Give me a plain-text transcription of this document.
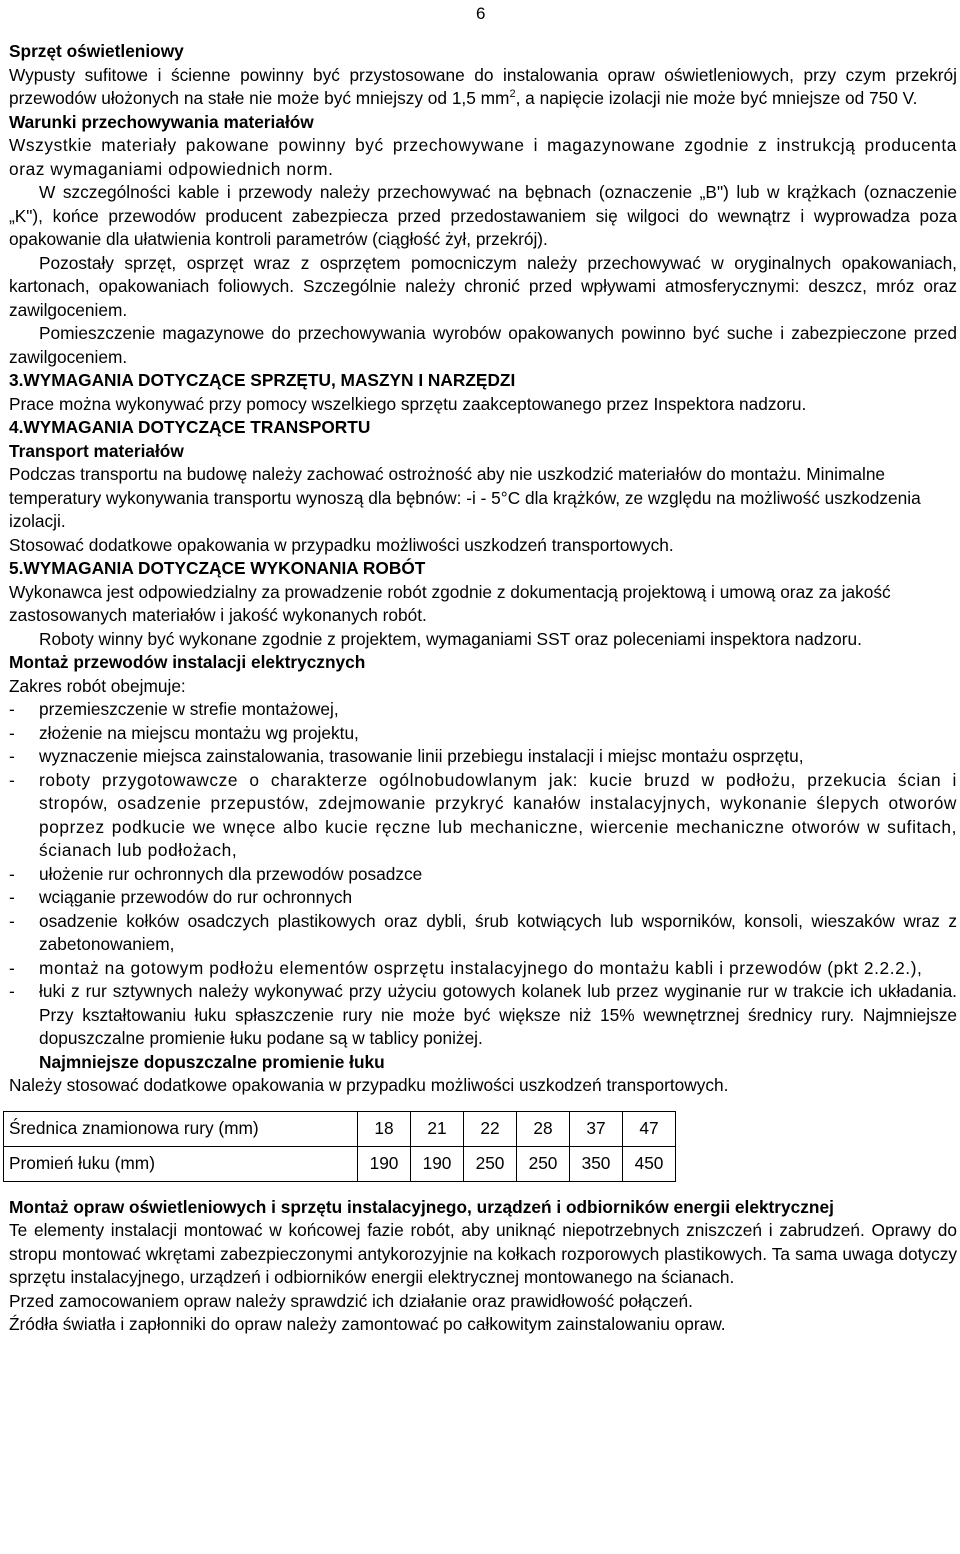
6

Sprzęt oświetleniowy

Wypusty sufitowe i ścienne powinny być przystosowane do instalowania opraw oświetleniowych, przy czym przekrój przewodów ułożonych na stałe nie może być mniejszy od 1,5 $mm^2$, a napięcie izolacji nie może być mniejsze od 750 V.

Warunki przechowywania materiałów

Wszystkie materiały pakowane powinny być przechowywane i magazynowane zgodnie z instrukcją producenta oraz wymaganiami odpowiednich norm.

W szczególności kable i przewody należy przechowywać na bębnach (oznaczenie „B") lub w krążkach (oznaczenie „K"), końce przewodów producent zabezpiecza przed przedostawaniem się wilgoci do wewnątrz i wyprowadza poza opakowanie dla ułatwienia kontroli parametrów (ciągłość żył, przekrój).

Pozostały sprzęt, osprzęt wraz z osprzętem pomocniczym należy przechowywać w oryginalnych opakowaniach, kartonach, opakowaniach foliowych. Szczególnie należy chronić przed wpływami atmosferycznymi: deszcz, mróz oraz zawilgoceniem.

Pomieszczenie magazynowe do przechowywania wyrobów opakowanych powinno być suche i zabezpieczone przed zawilgoceniem.

3.WYMAGANIA DOTYCZĄCE SPRZĘTU, MASZYN I NARZĘDZI

Prace można wykonywać przy pomocy wszelkiego sprzętu zaakceptowanego przez Inspektora nadzoru.

4.WYMAGANIA DOTYCZĄCE TRANSPORTU

Transport materiałów

Podczas transportu na budowę należy zachować ostrożność aby nie uszkodzić materiałów do montażu. Minimalne temperatury wykonywania transportu wynoszą dla bębnów: -i - 5°C dla krążków, ze względu na możliwość uszkodzenia izolacji.

Stosować dodatkowe opakowania w przypadku możliwości uszkodzeń transportowych.

5.WYMAGANIA DOTYCZĄCE WYKONANIA ROBÓT

Wykonawca jest odpowiedzialny za prowadzenie robót zgodnie z dokumentacją projektową i umową oraz za jakość zastosowanych materiałów i jakość wykonanych robót.

Roboty winny być wykonane zgodnie z projektem, wymaganiami SST oraz poleceniami inspektora nadzoru.

Montaż przewodów instalacji elektrycznych

Zakres robót obejmuje:

- przemieszczenie w strefie montażowej,
- złożenie na miejscu montażu wg projektu,
- wyznaczenie miejsca zainstalowania, trasowanie linii przebiegu instalacji i miejsc montażu osprzętu,
- roboty przygotowawcze o charakterze ogólnobudowlanym jak: kucie bruzd w podłożu, przekucia ścian i stropów, osadzenie przepustów, zdejmowanie przykryć kanałów instalacyjnych, wykonanie ślepych otworów poprzez podkucie we wnęce albo kucie ręczne lub mechaniczne, wiercenie mechaniczne otworów w sufitach, ścianach lub podłożach,
- ułożenie rur ochronnych dla przewodów posadzce
- wciąganie przewodów do rur ochronnych
- osadzenie kołków osadczych plastikowych oraz dybli, śrub kotwiących lub wsporników, konsoli, wieszaków wraz z zabetonowaniem,
- montaż na gotowym podłożu elementów osprzętu instalacyjnego do montażu kabli i przewodów (pkt 2.2.2.),
- łuki z rur sztywnych należy wykonywać przy użyciu gotowych kolanek lub przez wyginanie rur w trakcie ich układania. Przy kształtowaniu łuku spłaszczenie rury nie może być większe niż 15% wewnętrznej średnicy rury. Najmniejsze dopuszczalne promienie łuku podane są w tablicy poniżej.

Najmniejsze dopuszczalne promienie łuku

Należy stosować dodatkowe opakowania w przypadku możliwości uszkodzeń transportowych.

Średnica znamionowa rury (mm)	18	21	22	28	37	47
Promień łuku (mm)	190	190	250	250	350	450

Montaż opraw oświetleniowych i sprzętu instalacyjnego, urządzeń i odbiorników energii elektrycznej

Te elementy instalacji montować w końcowej fazie robót, aby uniknąć niepotrzebnych zniszczeń i zabrudzeń. Oprawy do stropu montować wkrętami zabezpieczonymi antykorozyjnie na kołkach rozporowych plastikowych. Ta sama uwaga dotyczy sprzętu instalacyjnego, urządzeń i odbiorników energii elektrycznej montowanego na ścianach.

Przed zamocowaniem opraw należy sprawdzić ich działanie oraz prawidłowość połączeń.

Źródła światła i zapłonniki do opraw należy zamontować po całkowitym zainstalowaniu opraw.
